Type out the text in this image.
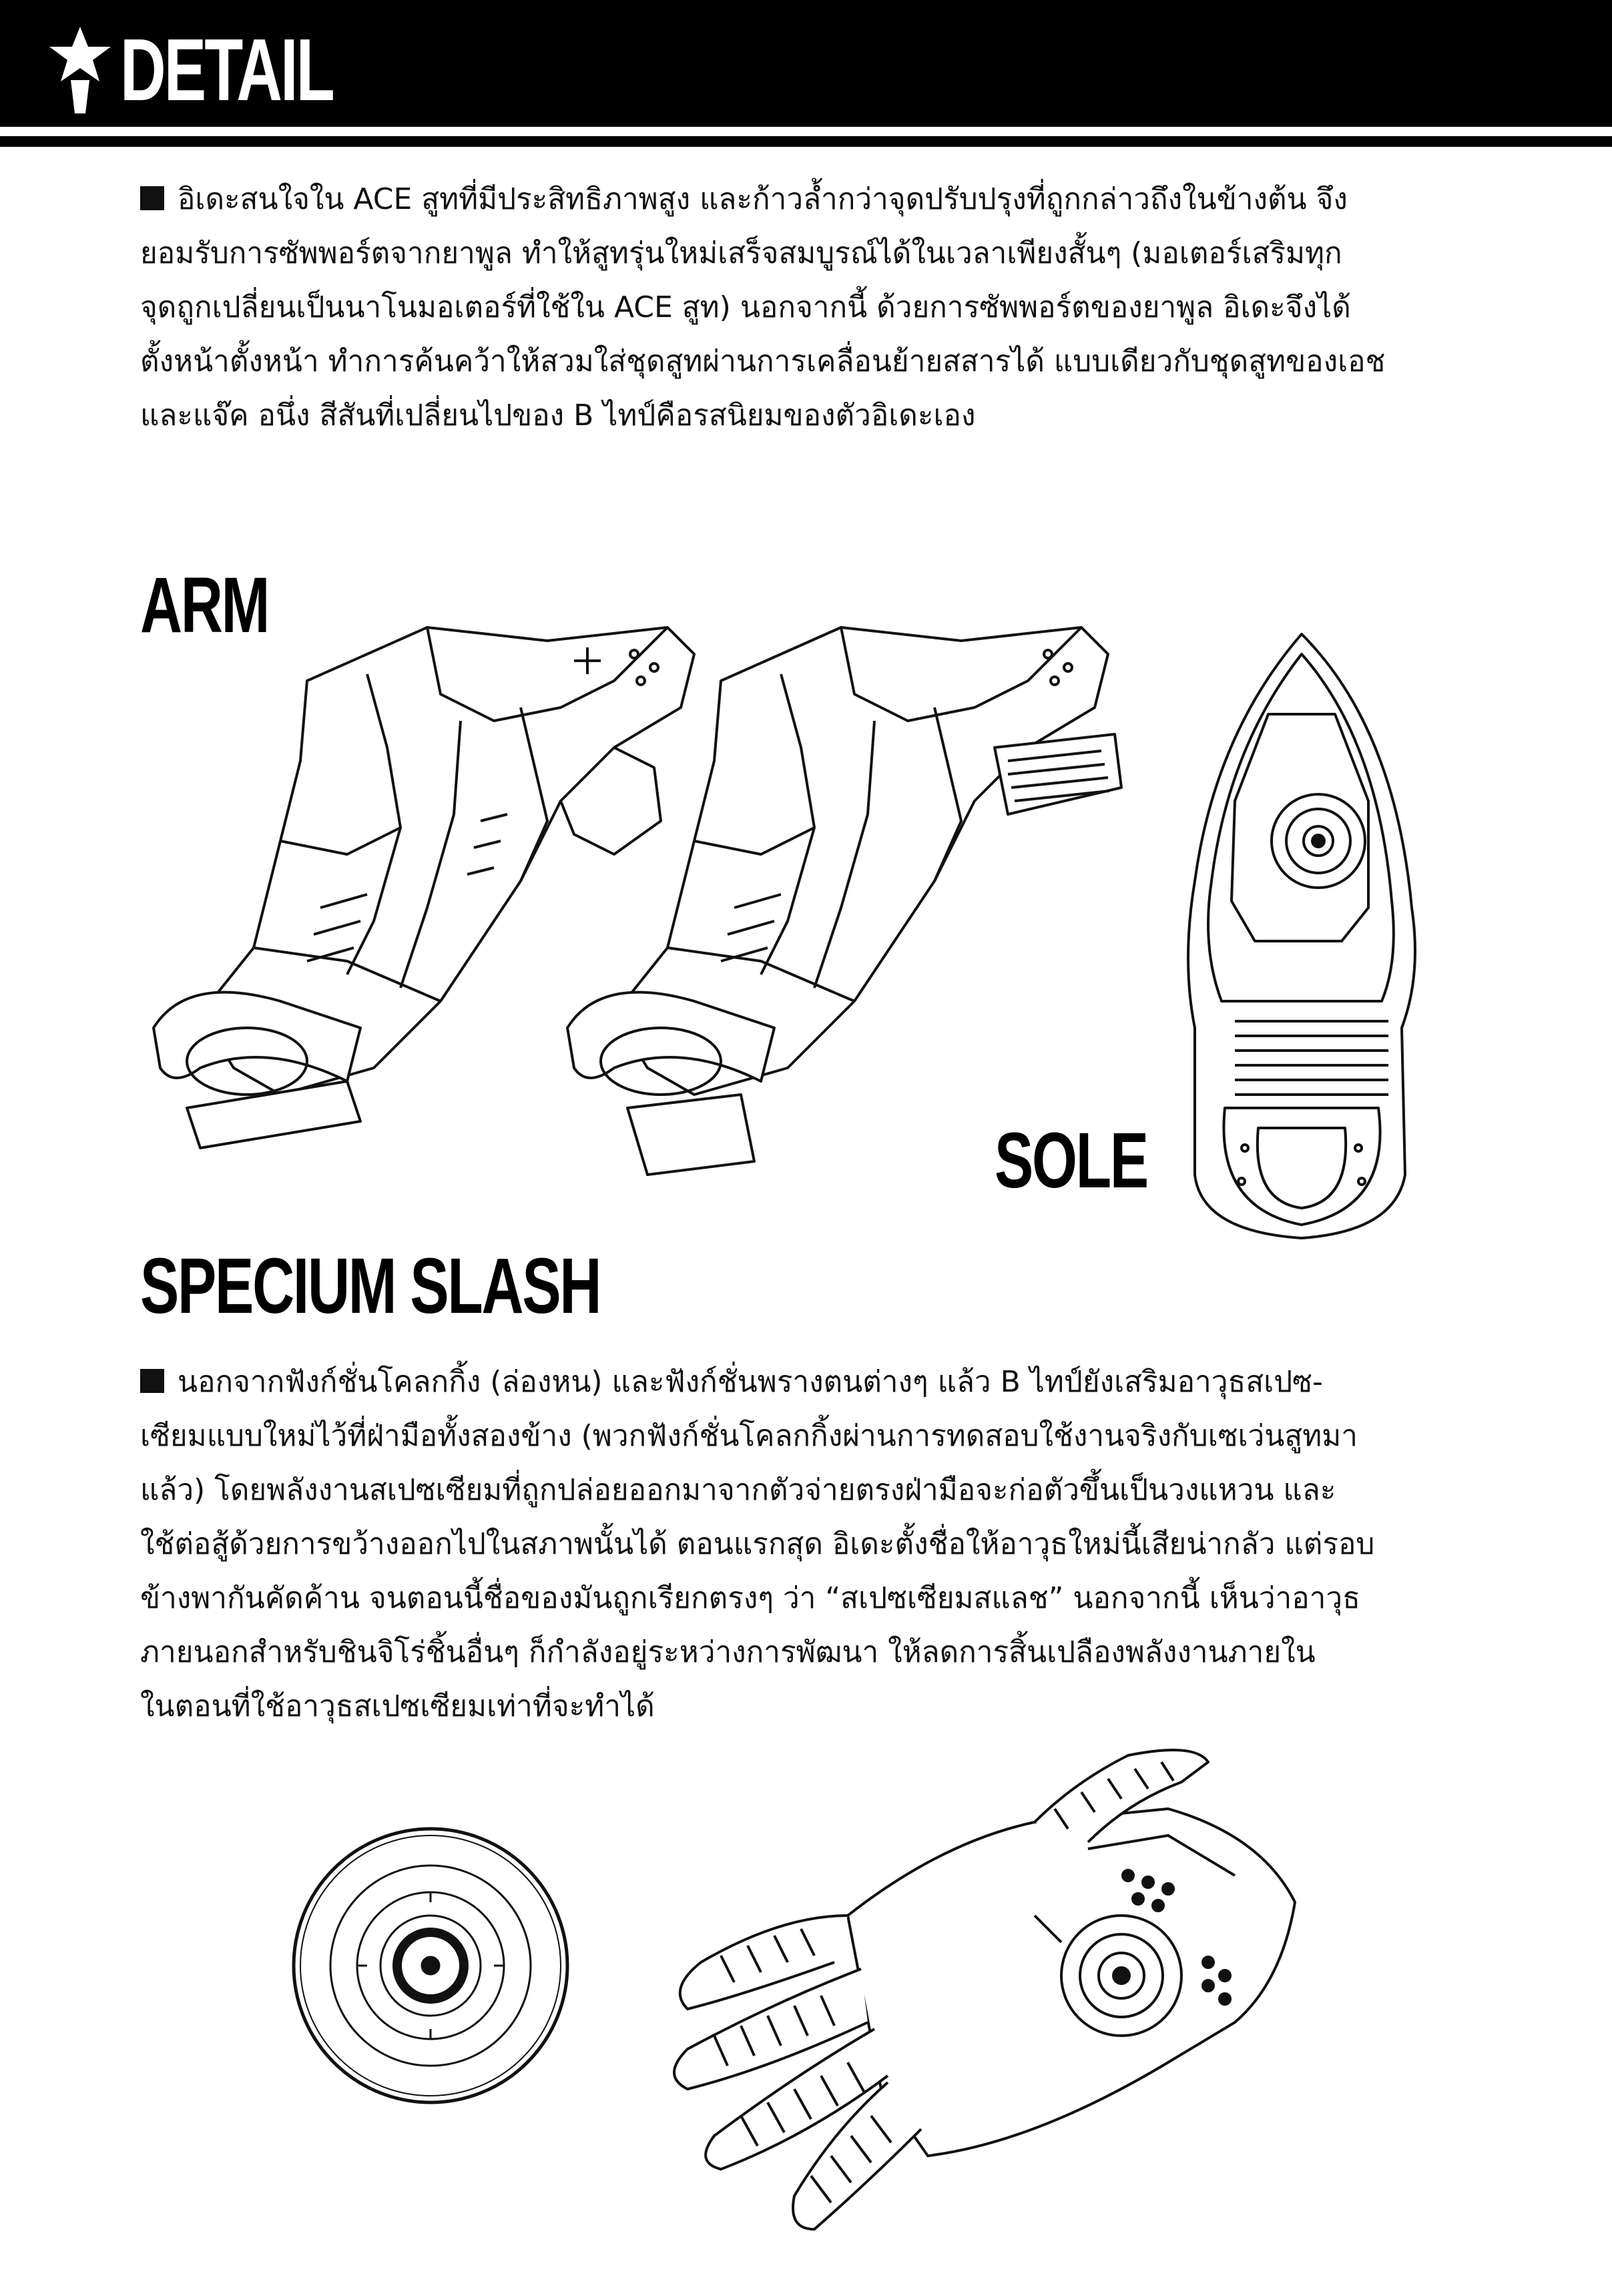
DETAIL
อิเดะสนใจใน ACE สูทที่มีประสิทธิภาพสูง และก้าวล้ำกว่าจุดปรับปรุงที่ถูกกล่าวถึงในข้างต้น จึง
ยอมรับการซัพพอร์ตจากยาพูล ทำให้สูทรุ่นใหม่เสร็จสมบูรณ์ได้ในเวลาเพียงสั้นๆ (มอเตอร์เสริมทุก
จุดถูกเปลี่ยนเป็นนาโนมอเตอร์ที่ใช้ใน ACE สูท) นอกจากนี้ ด้วยการซัพพอร์ตของยาพูล อิเดะจึงได้
ตั้งหน้าตั้งหน้า ทำการค้นคว้าให้สวมใส่ชุดสูทผ่านการเคลื่อนย้ายสสารได้ แบบเดียวกับชุดสูทของเอช
และแจ๊ค อนึ่ง สีสันที่เปลี่ยนไปของ B ไทป์คือรสนิยมของตัวอิเดะเอง
ARM
SOLE
SPECIUM SLASH
นอกจากฟังก์ชั่นโคลกกิ้ง (ล่องหน) และฟังก์ชั่นพรางตนต่างๆ แล้ว B ไทป์ยังเสริมอาวุธสเปซ-
เซียมแบบใหม่ไว้ที่ฝ่ามือทั้งสองข้าง (พวกฟังก์ชั่นโคลกกิ้งผ่านการทดสอบใช้งานจริงกับเซเว่นสูทมา
แล้ว) โดยพลังงานสเปซเซียมที่ถูกปล่อยออกมาจากตัวจ่ายตรงฝ่ามือจะก่อตัวขึ้นเป็นวงแหวน และ
ใช้ต่อสู้ด้วยการขว้างออกไปในสภาพนั้นได้ ตอนแรกสุด อิเดะตั้งชื่อให้อาวุธใหม่นี้เสียน่ากลัว แต่รอบ
ข้างพากันคัดค้าน จนตอนนี้ชื่อของมันถูกเรียกตรงๆ ว่า “สเปซเซียมสแลช” นอกจากนี้ เห็นว่าอาวุธ
ภายนอกสำหรับชินจิโร่ชิ้นอื่นๆ ก็กำลังอยู่ระหว่างการพัฒนา ให้ลดการสิ้นเปลืองพลังงานภายใน
ในตอนที่ใช้อาวุธสเปซเซียมเท่าที่จะทำได้
